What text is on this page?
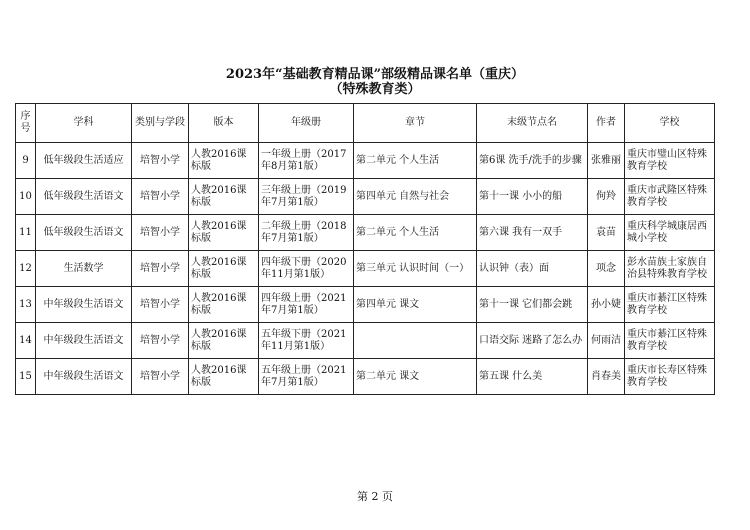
2023年“基础教育精品课”部级精品课名单（重庆）
（特殊教育类）
序号	学科	类别与学段	版本	年级册	章节	末级节点名	作者	学校
9	低年级段生活适应	培智小学	人教2016课标版	一年级上册（2017年8月第1版）	第二单元 个人生活	第6课 洗手/洗手的步骤	张雅丽	重庆市璧山区特殊教育学校
10	低年级段生活语文	培智小学	人教2016课标版	三年级上册（2019年7月第1版）	第四单元 自然与社会	第十一课 小小的船	佝羚	重庆市武隆区特殊教育学校
11	低年级段生活语文	培智小学	人教2016课标版	二年级上册（2018年7月第1版）	第二单元 个人生活	第六课 我有一双手	袁苗	重庆科学城康居西城小学校
12	生活数学	培智小学	人教2016课标版	四年级下册（2020年11月第1版）	第三单元 认识时间（一）	认识钟（表）面	项念	彭水苗族土家族自治县特殊教育学校
13	中年级段生活语文	培智小学	人教2016课标版	四年级上册（2021年7月第1版）	第四单元 课文	第十一课 它们都会跳	孙小婕	重庆市綦江区特殊教育学校
14	中年级段生活语文	培智小学	人教2016课标版	五年级下册（2021年11月第1版）		口语交际 迷路了怎么办	何雨洁	重庆市綦江区特殊教育学校
15	中年级段生活语文	培智小学	人教2016课标版	五年级上册（2021年7月第1版）	第二单元 课文	第五课 什么美	肖春美	重庆市长寿区特殊教育学校
第 2 页
